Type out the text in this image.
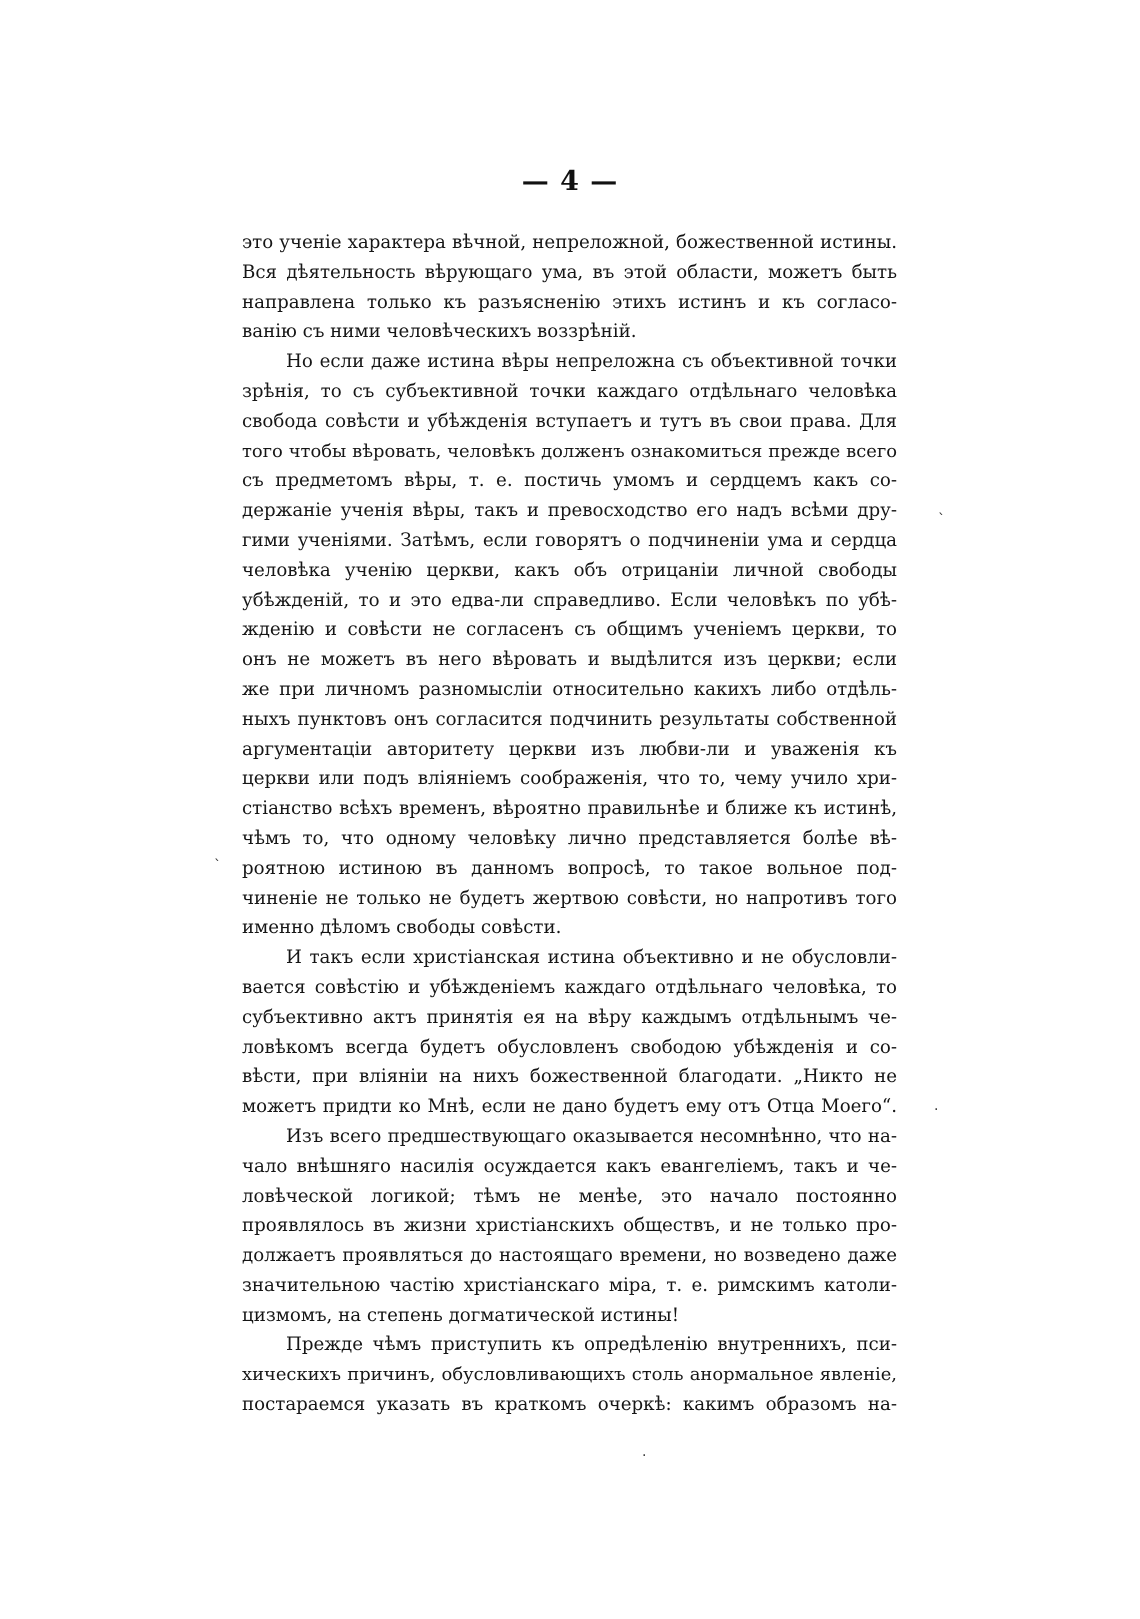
— 4 —
это ученіе характера вѣчной, непреложной, божественной истины.
Вся дѣятельность вѣрующаго ума, въ этой области, можетъ быть
направлена только къ разъясненію этихъ истинъ и къ согласо-
ванію съ ними человѣческихъ воззрѣній.
Но если даже истина вѣры непреложна съ объективной точки
зрѣнія, то съ субъективной точки каждаго отдѣльнаго человѣка
свобода совѣсти и убѣжденія вступаетъ и тутъ въ свои права. Для
того чтобы вѣровать, человѣкъ долженъ ознакомиться прежде всего
съ предметомъ вѣры, т. е. постичь умомъ и сердцемъ какъ со-
держаніе ученія вѣры, такъ и превосходство его надъ всѣми дру-
гими ученіями. Затѣмъ, если говорятъ о подчиненіи ума и сердца
человѣка ученію церкви, какъ объ отрицаніи личной свободы
убѣжденій, то и это едва-ли справедливо. Если человѣкъ по убѣ-
жденію и совѣсти не согласенъ съ общимъ ученіемъ церкви, то
онъ не можетъ въ него вѣровать и выдѣлится изъ церкви; если
же при личномъ разномысліи относительно какихъ либо отдѣль-
ныхъ пунктовъ онъ согласится подчинить результаты собственной
аргументаціи авторитету церкви изъ любви-ли и уваженія къ
церкви или подъ вліяніемъ соображенія, что то, чему учило хри-
стіанство всѣхъ временъ, вѣроятно правильнѣе и ближе къ истинѣ,
чѣмъ то, что одному человѣку лично представляется болѣе вѣ-
роятною истиною въ данномъ вопросѣ, то такое вольное под-
чиненіе не только не будетъ жертвою совѣсти, но напротивъ того
именно дѣломъ свободы совѣсти.
И такъ если христіанская истина объективно и не обусловли-
вается совѣстію и убѣжденіемъ каждаго отдѣльнаго человѣка, то
субъективно актъ принятія ея на вѣру каждымъ отдѣльнымъ че-
ловѣкомъ всегда будетъ обусловленъ свободою убѣжденія и со-
вѣсти, при вліяніи на нихъ божественной благодати. „Никто не
можетъ придти ко Мнѣ, если не дано будетъ ему отъ Отца Моего“.
Изъ всего предшествующаго оказывается несомнѣнно, что на-
чало внѣшняго насилія осуждается какъ евангеліемъ, такъ и че-
ловѣческой логикой; тѣмъ не менѣе, это начало постоянно
проявлялось въ жизни христіанскихъ обществъ, и не только про-
должаетъ проявляться до настоящаго времени, но возведено даже
значительною частію христіанскаго міра, т. е. римскимъ католи-
цизмомъ, на степень догматической истины!
Прежде чѣмъ приступить къ опредѣленію внутреннихъ, пси-
хическихъ причинъ, обусловливающихъ столь анормальное явленіе,
постараемся указать въ краткомъ очеркѣ: какимъ образомъ на-
ˋ
ˋ
·
·
